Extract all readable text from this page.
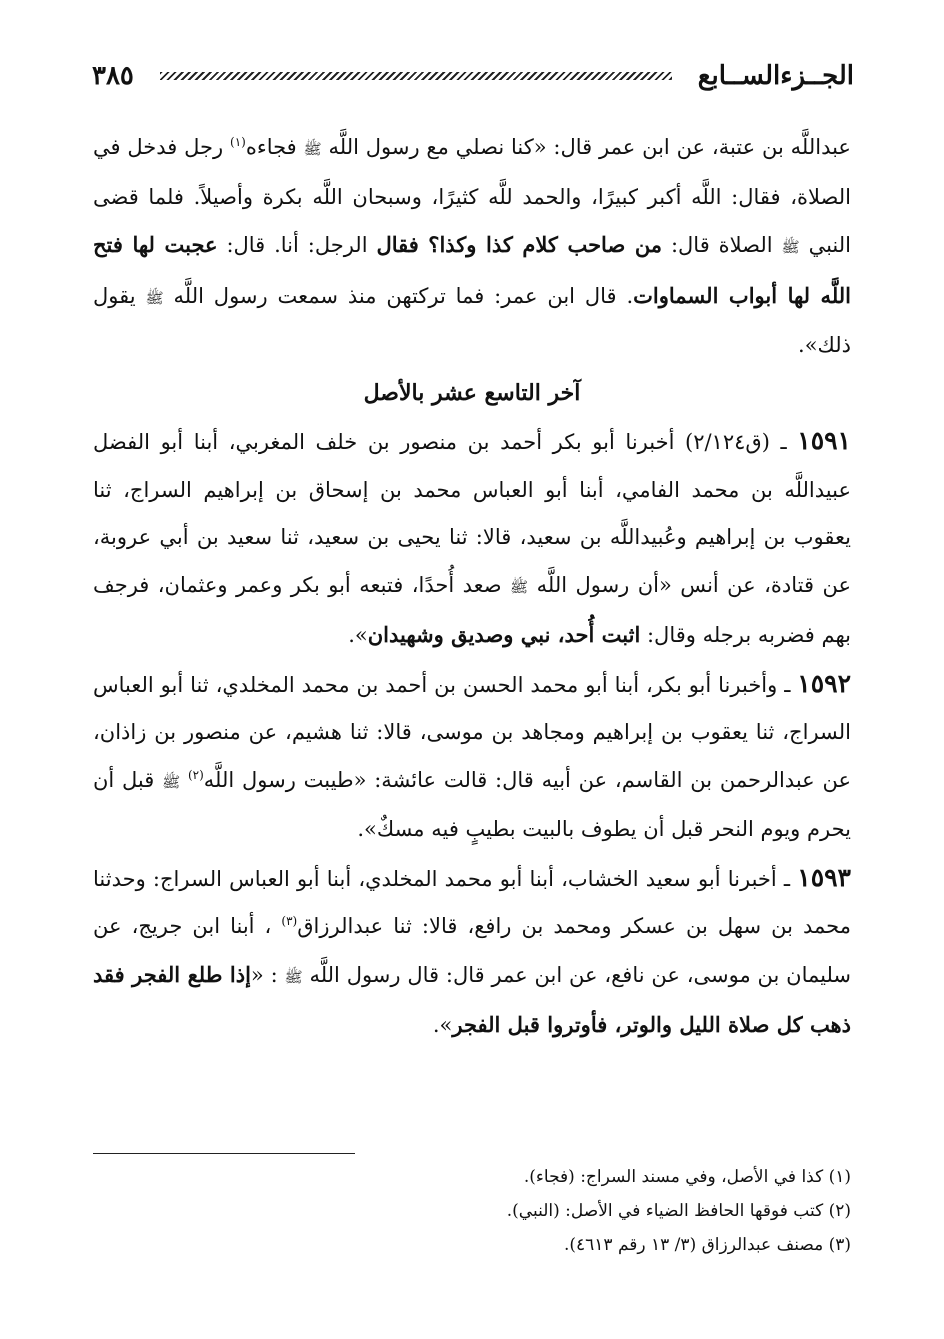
الجــزءالســابع
٣٨٥

عبداللَّه بن عتبة، عن ابن عمر قال: «كنا نصلي مع رسول اللَّه ﷺ فجاءه$^{(١)}$ رجل فدخل في الصلاة، فقال: اللَّه أكبر كبيرًا، والحمد للَّه كثيرًا، وسبحان اللَّه بكرة وأصيلاً. فلما قضى النبي ﷺ الصلاة قال: من صاحب كلام كذا وكذا؟ فقال الرجل: أنا. قال: عجبت لها فتح اللَّه لها أبواب السماوات. قال ابن عمر: فما تركتهن منذ سمعت رسول اللَّه ﷺ يقول ذلك».

آخر التاسع عشر بالأصل

١٥٩١ ـ (ق٢/١٢٤) أخبرنا أبو بكر أحمد بن منصور بن خلف المغربي، أبنا أبو الفضل عبيداللَّه بن محمد الفامي، أبنا أبو العباس محمد بن إسحاق بن إبراهيم السراج، ثنا يعقوب بن إبراهيم وعُبيداللَّه بن سعيد، قالا: ثنا يحيى بن سعيد، ثنا سعيد بن أبي عروبة، عن قتادة، عن أنس «أن رسول اللَّه ﷺ صعد أُحدًا، فتبعه أبو بكر وعمر وعثمان، فرجف بهم فضربه برجله وقال: اثبت أُحد، نبي وصديق وشهيدان».

١٥٩٢ ـ وأخبرنا أبو بكر، أبنا أبو محمد الحسن بن أحمد بن محمد المخلدي، ثنا أبو العباس السراج، ثنا يعقوب بن إبراهيم ومجاهد بن موسى، قالا: ثنا هشيم، عن منصور بن زاذان، عن عبدالرحمن بن القاسم، عن أبيه قال: قالت عائشة: «طيبت رسول اللَّه$^{(٢)}$ ﷺ قبل أن يحرم ويوم النحر قبل أن يطوف بالبيت بطيبٍ فيه مسكٌ».

١٥٩٣ ـ أخبرنا أبو سعيد الخشاب، أبنا أبو محمد المخلدي، أبنا أبو العباس السراج: وحدثنا محمد بن سهل بن عسكر ومحمد بن رافع، قالا: ثنا عبدالرزاق$^{(٣)}$ ، أبنا ابن جريج، عن سليمان بن موسى، عن نافع، عن ابن عمر قال: قال رسول اللَّه ﷺ : «إذا طلع الفجر فقد ذهب كل صلاة الليل والوتر، فأوتروا قبل الفجر».

(١) كذا في الأصل، وفي مسند السراج: (فجاء).

(٢) كتب فوقها الحافظ الضياء في الأصل: (النبي).

(٣) مصنف عبدالرزاق (٣/ ١٣ رقم ٤٦١٣).
